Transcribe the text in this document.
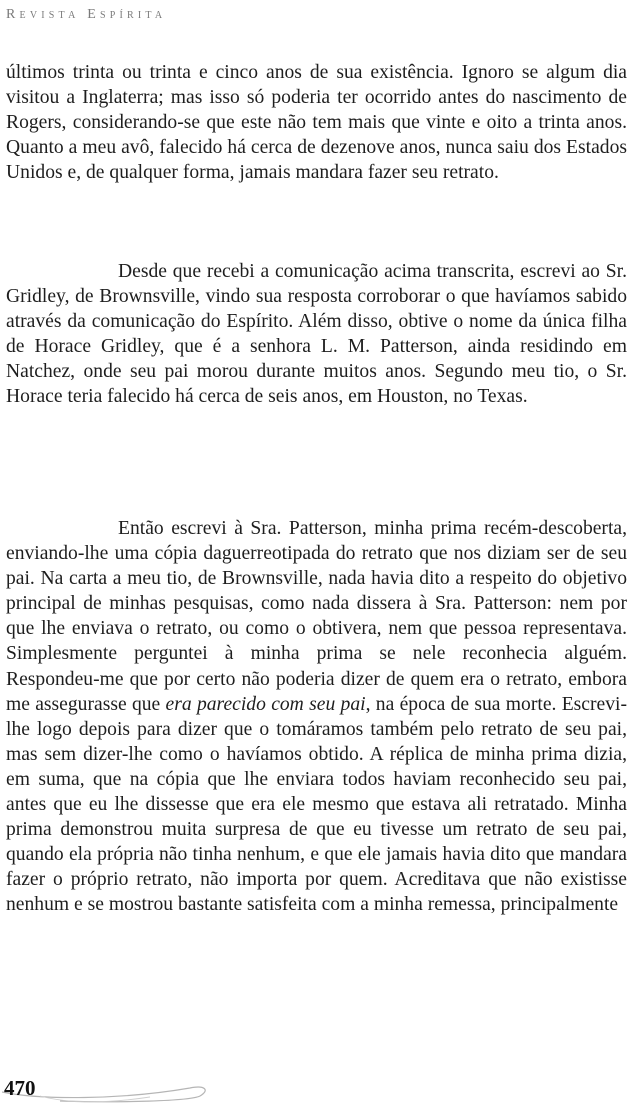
Revista Espírita

últimos trinta ou trinta e cinco anos de sua existência. Ignoro se algum dia visitou a Inglaterra; mas isso só poderia ter ocorrido antes do nascimento de Rogers, considerando-se que este não tem mais que vinte e oito a trinta anos. Quanto a meu avô, falecido há cerca de dezenove anos, nunca saiu dos Estados Unidos e, de qualquer forma, jamais mandara fazer seu retrato.

Desde que recebi a comunicação acima transcrita, escrevi ao Sr. Gridley, de Brownsville, vindo sua resposta corroborar o que havíamos sabido através da comunicação do Espírito. Além disso, obtive o nome da única filha de Horace Gridley, que é a senhora L. M. Patterson, ainda residindo em Natchez, onde seu pai morou durante muitos anos. Segundo meu tio, o Sr. Horace teria falecido há cerca de seis anos, em Houston, no Texas.

Então escrevi à Sra. Patterson, minha prima recém-descoberta, enviando-lhe uma cópia daguerreotipada do retrato que nos diziam ser de seu pai. Na carta a meu tio, de Brownsville, nada havia dito a respeito do objetivo principal de minhas pesquisas, como nada dissera à Sra. Patterson: nem por que lhe enviava o retrato, ou como o obtivera, nem que pessoa representava. Simplesmente perguntei à minha prima se nele reconhecia alguém. Respondeu-me que por certo não poderia dizer de quem era o retrato, embora me assegurasse que era parecido com seu pai, na época de sua morte. Escrevi-lhe logo depois para dizer que o tomáramos também pelo retrato de seu pai, mas sem dizer-lhe como o havíamos obtido. A réplica de minha prima dizia, em suma, que na cópia que lhe enviara todos haviam reconhecido seu pai, antes que eu lhe dissesse que era ele mesmo que estava ali retratado. Minha prima demonstrou muita surpresa de que eu tivesse um retrato de seu pai, quando ela própria não tinha nenhum, e que ele jamais havia dito que mandara fazer o próprio retrato, não importa por quem. Acreditava que não existisse nenhum e se mostrou bastante satisfeita com a minha remessa, principalmente

470
